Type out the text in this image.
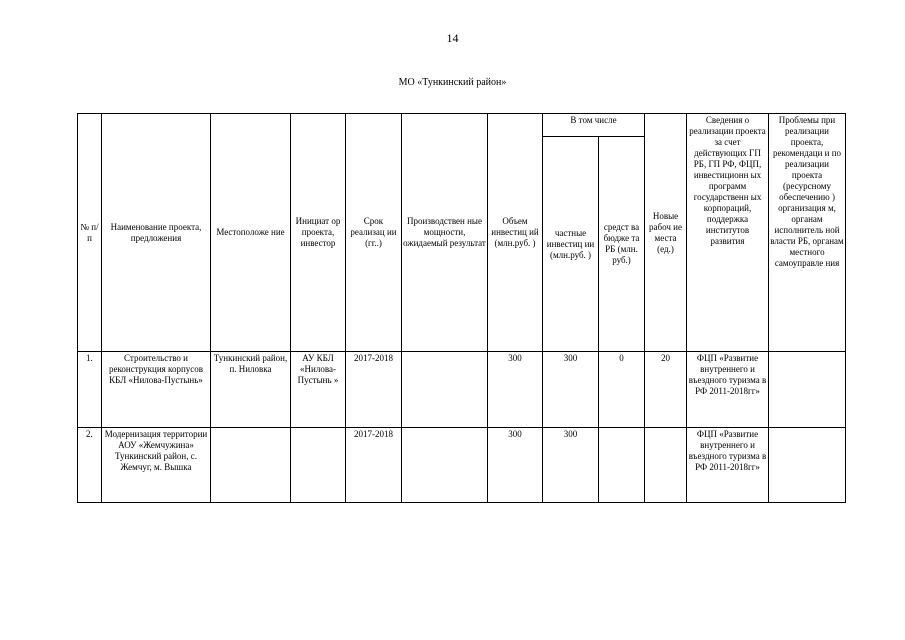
14
МО «Тункинский район»
№ п/ п	Наименование проекта, предложения	Местоположе ние	Инициат ор проекта, инвестор	Срок реализац ии (гг..)	Производствен ные мощности, ожидаемый результат	Объем инвестиц ий (млн.руб. )	В том числе		Новые рабоч ие места (ед.)	Сведения о реализации проекта за счет действующих ГП РБ, ГП РФ, ФЦП, инвестиционн ых программ государственн ых корпораций, поддержка институтов развития	Проблемы при реализации проекта, рекомендаци и по реализации проекта (ресурсному обеспечению ) организация м, органам исполнитель ной власти РБ, органам местного самоуправле ния
							частные инвестиц ии (млн.руб. )	средст ва бюдже та РБ (млн. руб.)			
1.	Строительство и реконструкция корпусов КБЛ «Нилова-Пустынь»	Тункинский район, п. Ниловка	АУ КБЛ «Нилова-Пустынь »	2017-2018		300	300	0	20	ФЦП «Развитие внутреннего и въездного туризма в РФ 2011-2018гг»	
2.	Модернизация территории АОУ «Жемчужина» Тункинский район, с. Жемчуг, м. Вышка			2017-2018		300	300			ФЦП «Развитие внутреннего и въездного туризма в РФ 2011-2018гг»	
